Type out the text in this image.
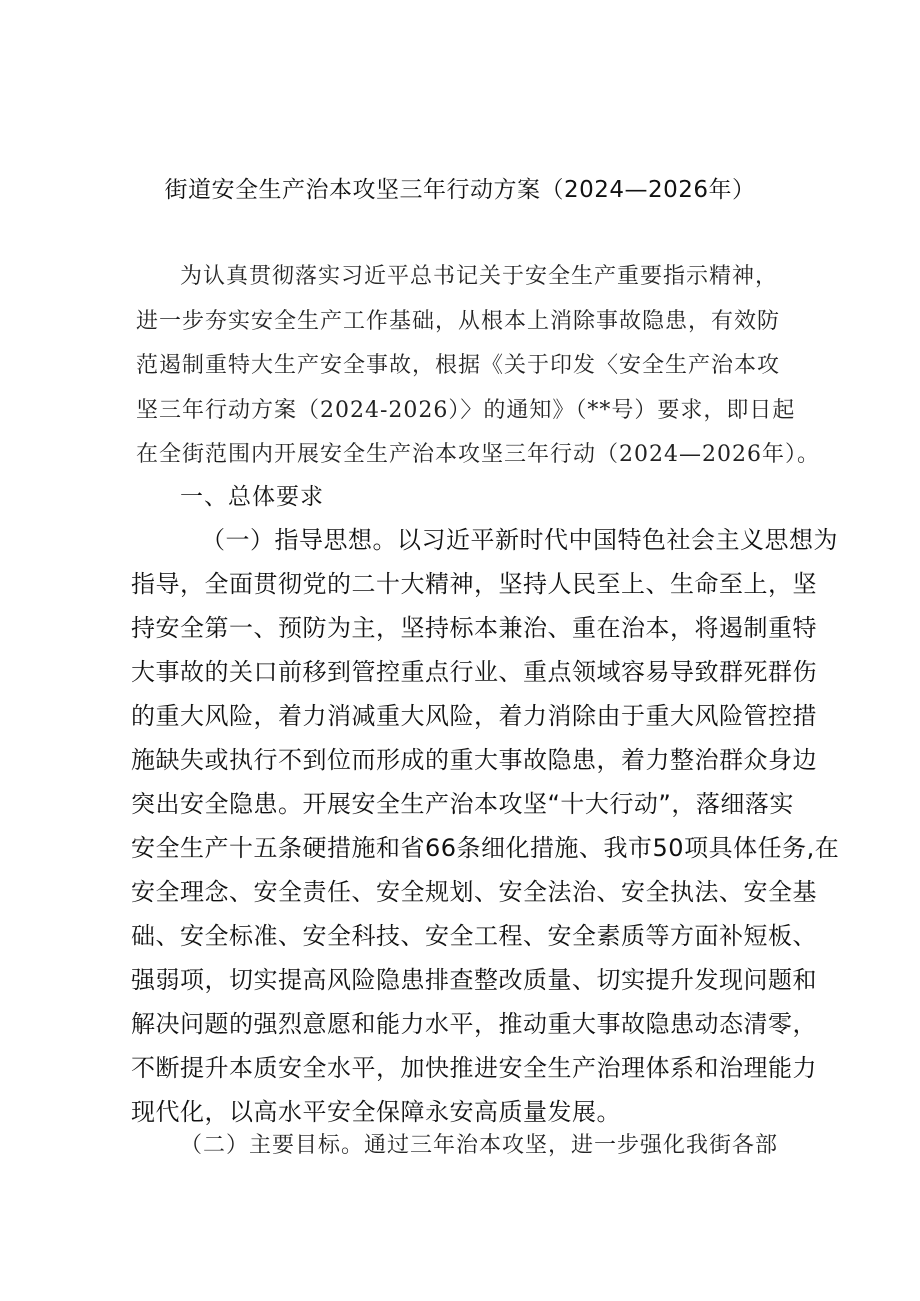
街道安全生产治本攻坚三年行动方案（2024—2026年）
为认真贯彻落实习近平总书记关于安全生产重要指示精神，
进一步夯实安全生产工作基础，从根本上消除事故隐患，有效防
范遏制重特大生产安全事故，根据《关于印发〈安全生产治本攻
坚三年行动方案（2024-2026）〉的通知》（**号）要求，即日起
在全街范围内开展安全生产治本攻坚三年行动（2024—2026年）。
一、总体要求
（一）指导思想。以习近平新时代中国特色社会主义思想为
指导，全面贯彻党的二十大精神，坚持人民至上、生命至上，坚
持安全第一、预防为主，坚持标本兼治、重在治本，将遏制重特
大事故的关口前移到管控重点行业、重点领域容易导致群死群伤
的重大风险，着力消减重大风险，着力消除由于重大风险管控措
施缺失或执行不到位而形成的重大事故隐患，着力整治群众身边
突出安全隐患。开展安全生产治本攻坚“十大行动”，落细落实
安全生产十五条硬措施和省66条细化措施、我市50项具体任务,在
安全理念、安全责任、安全规划、安全法治、安全执法、安全基
础、安全标准、安全科技、安全工程、安全素质等方面补短板、
强弱项，切实提高风险隐患排查整改质量、切实提升发现问题和
解决问题的强烈意愿和能力水平，推动重大事故隐患动态清零，
不断提升本质安全水平，加快推进安全生产治理体系和治理能力
现代化，以高水平安全保障永安高质量发展。
（二）主要目标。通过三年治本攻坚，进一步强化我街各部
